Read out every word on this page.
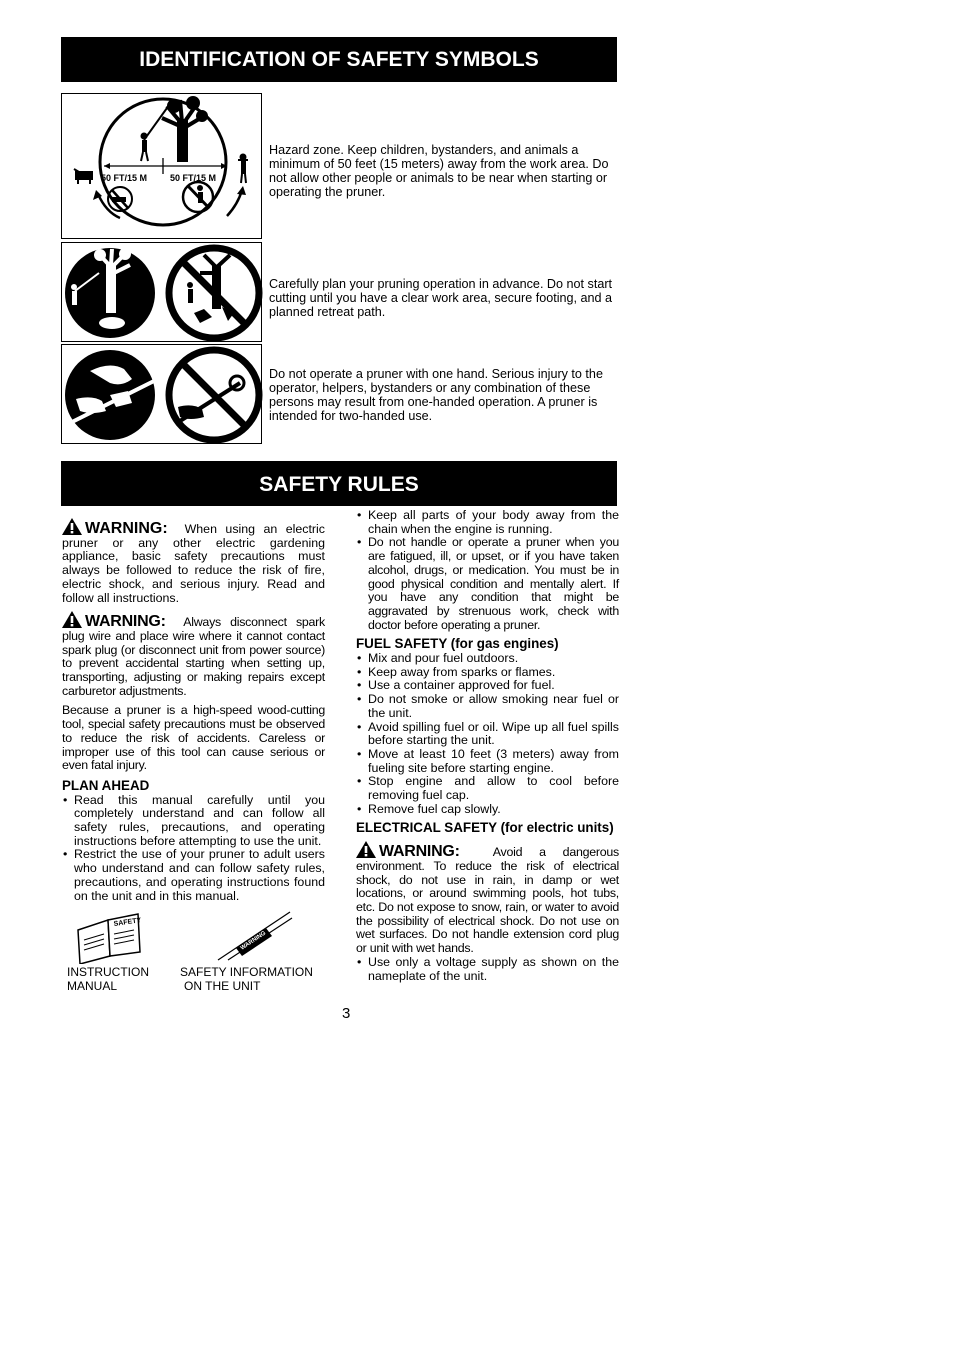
IDENTIFICATION OF SAFETY SYMBOLS
50 FT/15 M	50 FT/15 M
Hazard zone. Keep children, bystanders, and animals a minimum of 50 feet (15 meters) away from the work area. Do not allow other people or animals to be near when starting or operating the pruner.
Carefully plan your pruning operation in advance. Do not start cutting until you have a clear work area, secure footing, and a planned retreat path.
Do not operate a pruner with one hand. Serious injury to the operator, helpers, bystanders or any combination of these persons may result from one-handed operation. A pruner is intended for two-handed use.
SAFETY RULES

WARNING: When using an electric pruner or any other electric gardening appliance, basic safety precautions must always be followed to reduce the risk of fire, electric shock, and serious injury. Read and follow all instructions.

WARNING: Always disconnect spark plug wire and place wire where it cannot contact spark plug (or disconnect unit from power source) to prevent accidental starting when setting up, transporting, adjusting or making repairs except carburetor adjustments.

Because a pruner is a high-speed wood-cutting tool, special safety precautions must be observed to reduce the risk of accidents. Careless or improper use of this tool can cause serious or even fatal injury.

PLAN AHEAD
• Read this manual carefully until you completely understand and can follow all safety rules, precautions, and operating instructions before attempting to use the unit.
• Restrict the use of your pruner to adult users who understand and can follow safety rules, precautions, and operating instructions found on the unit and in this manual.
SAFETY
WARNING
INSTRUCTION
MANUAL
SAFETY INFORMATION
ON THE UNIT
3
• Keep all parts of your body away from the chain when the engine is running.
• Do not handle or operate a pruner when you are fatigued, ill, or upset, or if you have taken alcohol, drugs, or medication. You must be in good physical condition and mentally alert. If you have any condition that might be aggravated by strenuous work, check with doctor before operating a pruner.
FUEL SAFETY (for gas engines)
• Mix and pour fuel outdoors.
• Keep away from sparks or flames.
• Use a container approved for fuel.
• Do not smoke or allow smoking near fuel or the unit.
• Avoid spilling fuel or oil. Wipe up all fuel spills before starting the unit.
• Move at least 10 feet (3 meters) away from fueling site before starting engine.
• Stop engine and allow to cool before removing fuel cap.
• Remove fuel cap slowly.
ELECTRICAL SAFETY (for electric units)

WARNING:	Avoid a dangerous environment. To reduce the risk of electrical shock, do not use in rain, in damp or wet locations, or around swimming pools, hot tubs, etc. Do not expose to snow, rain, or water to avoid the possibility of electrical shock. Do not use on wet surfaces. Do not handle extension cord plug or unit with wet hands.

• Use only a voltage supply as shown on the nameplate of the unit.
